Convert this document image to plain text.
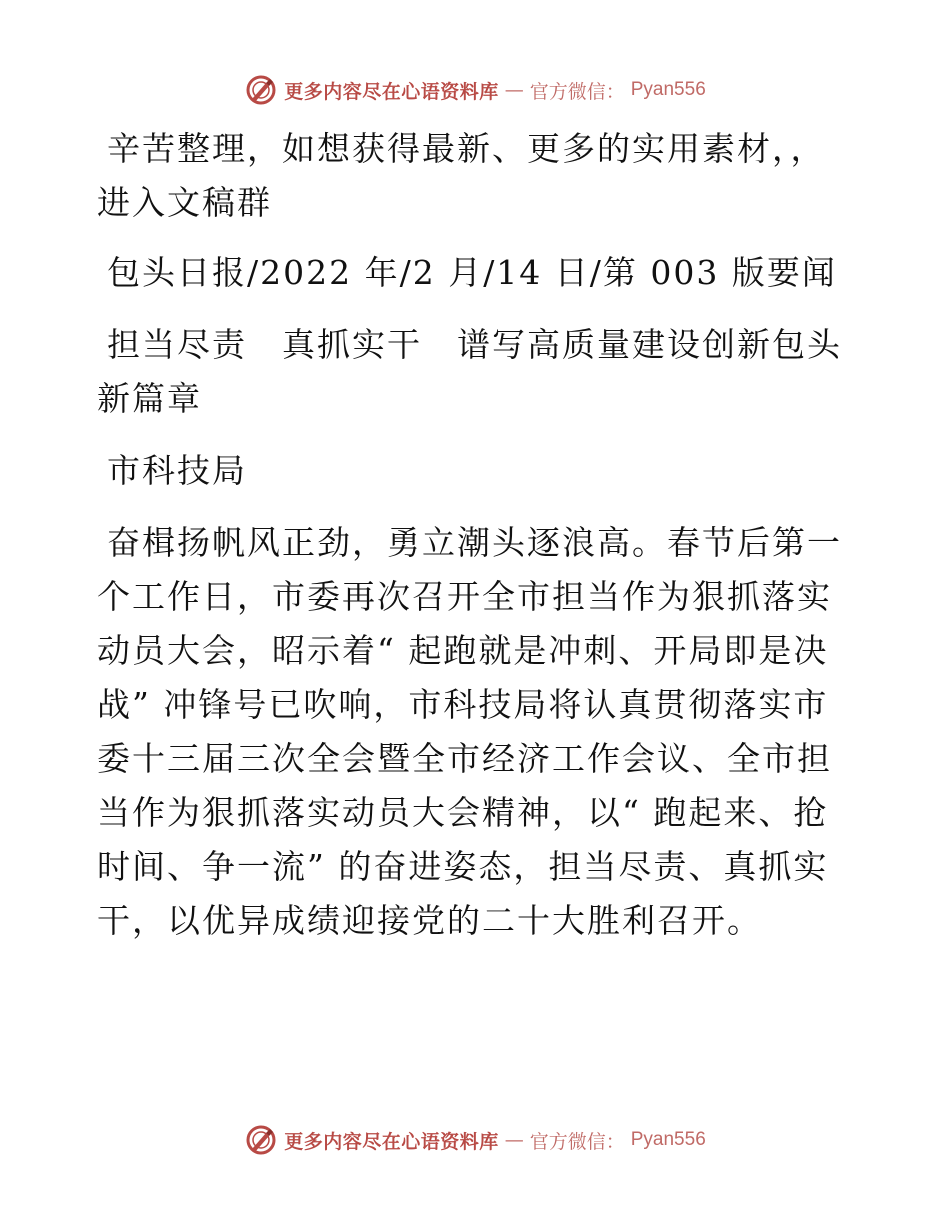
更多内容尽在心语资料库 — 官方微信： Pyan556

辛苦整理，如想获得最新、更多的实用素材，，进入文稿群

包头日报/2022 年/2 月/14 日/第 003 版要闻

担当尽责　真抓实干　谱写高质量建设创新包头新篇章

市科技局

奋楫扬帆风正劲，勇立潮头逐浪高。春节后第一个工作日，市委再次召开全市担当作为狠抓落实动员大会，昭示着“ 起跑就是冲刺、开局即是决战” 冲锋号已吹响，市科技局将认真贯彻落实市委十三届三次全会暨全市经济工作会议、全市担当作为狠抓落实动员大会精神，以“ 跑起来、抢时间、争一流” 的奋进姿态，担当尽责、真抓实干，以优异成绩迎接党的二十大胜利召开。

更多内容尽在心语资料库 — 官方微信： Pyan556
